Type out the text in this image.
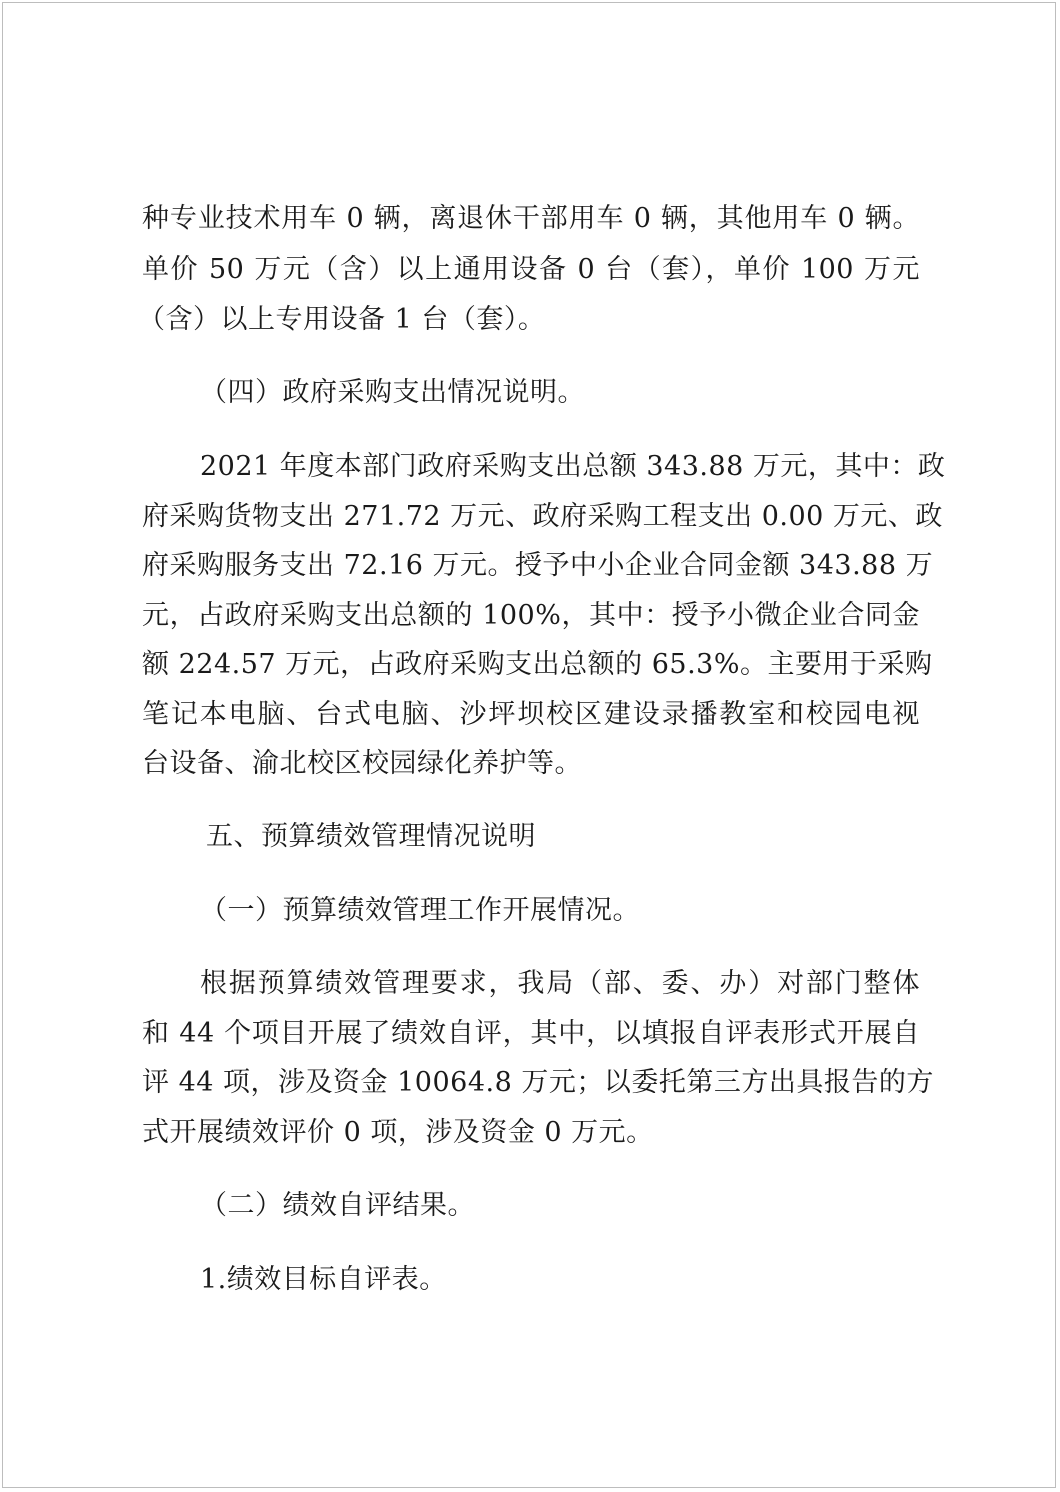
种专业技术用车 0 辆，离退休干部用车 0 辆，其他用车 0 辆。
单价 50 万元（含）以上通用设备 0 台（套），单价 100 万元
（含）以上专用设备 1 台（套）。
（四）政府采购支出情况说明。
2021 年度本部门政府采购支出总额 343.88 万元，其中：政
府采购货物支出 271.72 万元、政府采购工程支出 0.00 万元、政
府采购服务支出 72.16 万元。授予中小企业合同金额 343.88 万
元，占政府采购支出总额的 100%，其中：授予小微企业合同金
额 224.57 万元，占政府采购支出总额的 65.3%。主要用于采购
笔记本电脑、台式电脑、沙坪坝校区建设录播教室和校园电视
台设备、渝北校区校园绿化养护等。
五、预算绩效管理情况说明
（一）预算绩效管理工作开展情况。
根据预算绩效管理要求，我局（部、委、办）对部门整体
和 44 个项目开展了绩效自评，其中，以填报自评表形式开展自
评 44 项，涉及资金 10064.8 万元；以委托第三方出具报告的方
式开展绩效评价 0 项，涉及资金 0 万元。
（二）绩效自评结果。
1.绩效目标自评表。
